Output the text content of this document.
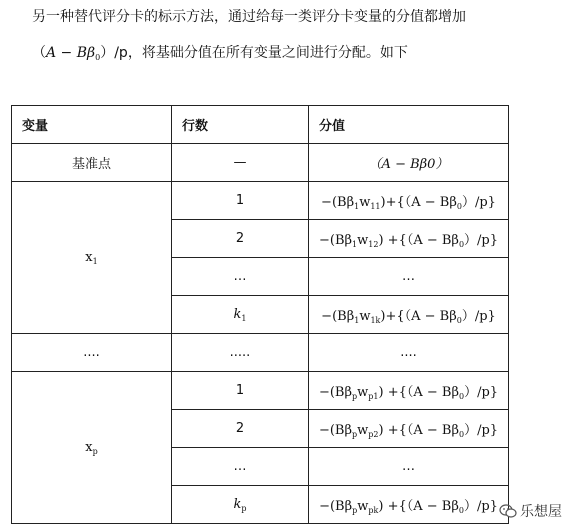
另一种替代评分卡的标示方法，通过给每一类评分卡变量的分值都增加
$(A - B\beta_0)/p$，将基础分值在所有变量之间进行分配。如下
变量	行数	分值
基准点	—	（A − Bβ0）
$x_1$	1	$-(B\beta_1w_{11})+\{(A - B\beta_0)/p\}$
	2	$-(B\beta_1w_{12}) +\{(A - B\beta_0)/p\}$
	…	…
	$k_1$	$-(B\beta_1w_{1k})+\{(A - B\beta_0)/p\}$
....	.....	....
$x_p$	1	$-(B\beta_pw_{p1}) +\{(A - B\beta_0)/p\}$
	2	$-(B\beta_pw_{p2}) +\{(A - B\beta_0)/p\}$
	…	…
	$k_p$	$-(B\beta_pw_{pk}) +\{(A - B\beta_0)/p\}$ 乐想屋
